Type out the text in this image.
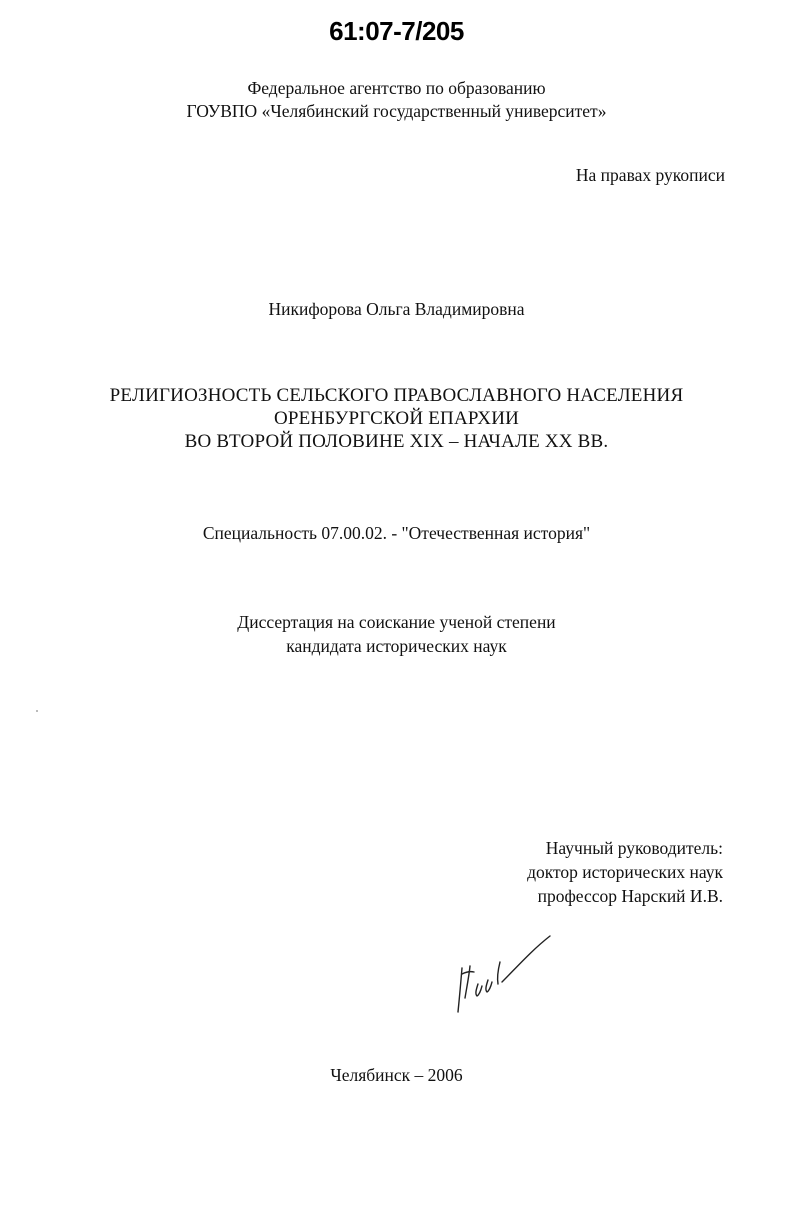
61:07-7/205
Федеральное агентство по образованию
ГОУВПО «Челябинский государственный университет»
На правах рукописи
Никифорова Ольга Владимировна
РЕЛИГИОЗНОСТЬ СЕЛЬСКОГО ПРАВОСЛАВНОГО НАСЕЛЕНИЯ
ОРЕНБУРГСКОЙ ЕПАРХИИ
ВО ВТОРОЙ ПОЛОВИНЕ XIX – НАЧАЛЕ XX ВВ.
Специальность 07.00.02. - "Отечественная история"
Диссертация на соискание ученой степени
кандидата исторических наук
Научный руководитель:
доктор исторических наук
профессор Нарский И.В.
Челябинск – 2006
